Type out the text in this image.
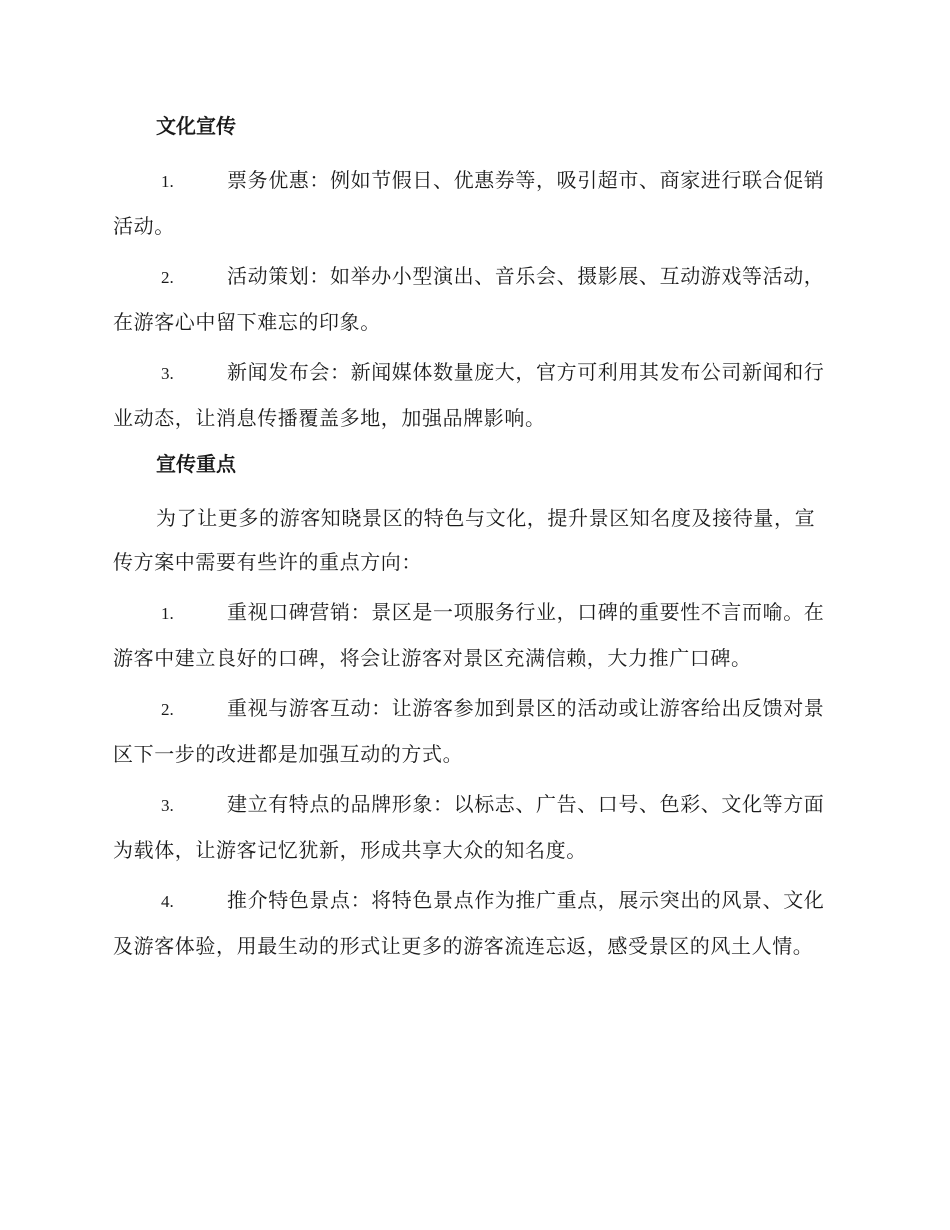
文化宣传

1.	票务优惠：例如节假日、优惠券等，吸引超市、商家进行联合促销活动。

2.	活动策划：如举办小型演出、音乐会、摄影展、互动游戏等活动，在游客心中留下难忘的印象。

3.	新闻发布会：新闻媒体数量庞大，官方可利用其发布公司新闻和行业动态，让消息传播覆盖多地，加强品牌影响。

宣传重点

为了让更多的游客知晓景区的特色与文化，提升景区知名度及接待量，宣传方案中需要有些许的重点方向：

1.	重视口碑营销：景区是一项服务行业，口碑的重要性不言而喻。在游客中建立良好的口碑，将会让游客对景区充满信赖，大力推广口碑。

2.	重视与游客互动：让游客参加到景区的活动或让游客给出反馈对景区下一步的改进都是加强互动的方式。

3.	建立有特点的品牌形象：以标志、广告、口号、色彩、文化等方面为载体，让游客记忆犹新，形成共享大众的知名度。

4.	推介特色景点：将特色景点作为推广重点，展示突出的风景、文化及游客体验，用最生动的形式让更多的游客流连忘返，感受景区的风土人情。
